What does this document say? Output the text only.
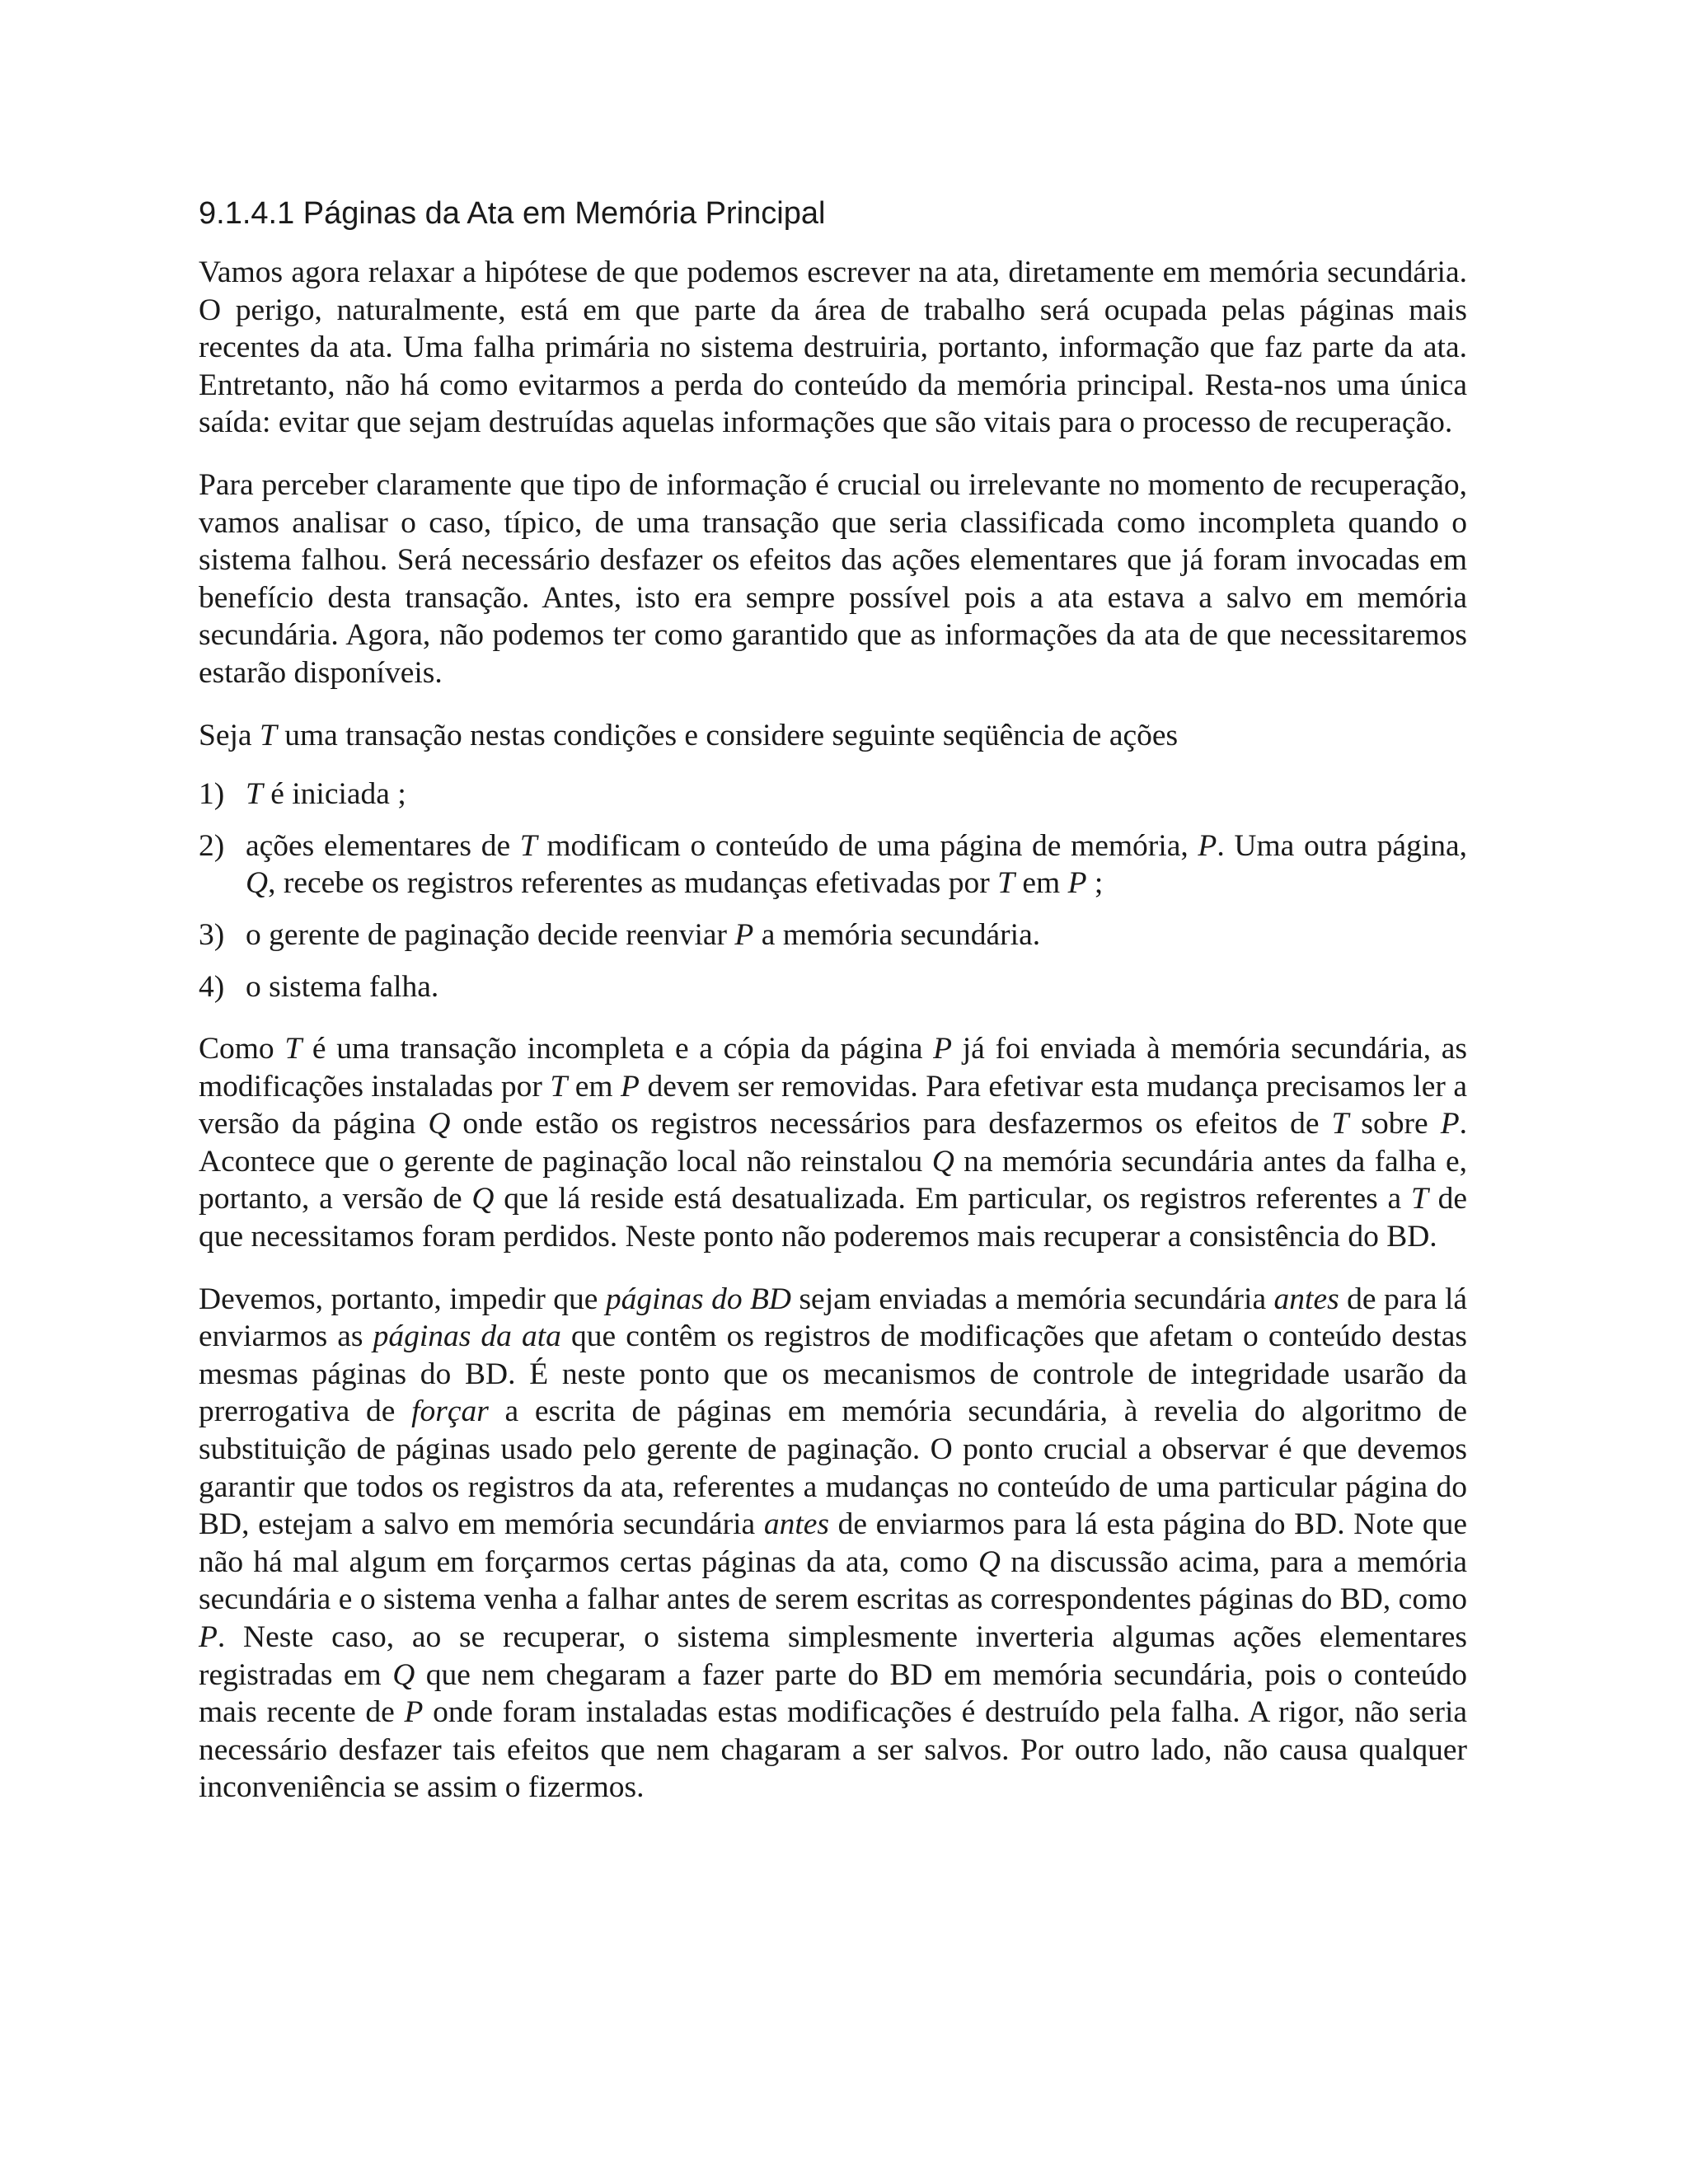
9.1.4.1 Páginas da Ata em Memória Principal

Vamos agora relaxar a hipótese de que podemos escrever na ata, diretamente em memória secundária. O perigo, naturalmente, está em que parte da área de trabalho será ocupada pelas páginas mais recentes da ata. Uma falha primária no sistema destruiria, portanto, informação que faz parte da ata. Entretanto, não há como evitarmos a perda do conteúdo da memória principal. Resta-nos uma única saída: evitar que sejam destruídas aquelas informações que são vitais para o processo de recuperação.

Para perceber claramente que tipo de informação é crucial ou irrelevante no momento de recuperação, vamos analisar o caso, típico, de uma transação que seria classificada como incompleta quando o sistema falhou. Será necessário desfazer os efeitos das ações elementares que já foram invocadas em benefício desta transação. Antes, isto era sempre possível pois a ata estava a salvo em memória secundária. Agora, não podemos ter como garantido que as informações da ata de que necessitaremos estarão disponíveis.

Seja T uma transação nestas condições e considere seguinte seqüência de ações

1) T é iniciada ;
2) ações elementares de T modificam o conteúdo de uma página de memória, P. Uma outra página, Q, recebe os registros referentes as mudanças efetivadas por T em P ;
3) o gerente de paginação decide reenviar P a memória secundária.
4) o sistema falha.

Como T é uma transação incompleta e a cópia da página P já foi enviada à memória secundária, as modificações instaladas por T em P devem ser removidas. Para efetivar esta mudança precisamos ler a versão da página Q onde estão os registros necessários para desfazermos os efeitos de T sobre P. Acontece que o gerente de paginação local não reinstalou Q na memória secundária antes da falha e, portanto, a versão de Q que lá reside está desatualizada. Em particular, os registros referentes a T de que necessitamos foram perdidos. Neste ponto não poderemos mais recuperar a consistência do BD.

Devemos, portanto, impedir que páginas do BD sejam enviadas a memória secundária antes de para lá enviarmos as páginas da ata que contêm os registros de modificações que afetam o conteúdo destas mesmas páginas do BD. É neste ponto que os mecanismos de controle de integridade usarão da prerrogativa de forçar a escrita de páginas em memória secundária, à revelia do algoritmo de substituição de páginas usado pelo gerente de paginação. O ponto crucial a observar é que devemos garantir que todos os registros da ata, referentes a mudanças no conteúdo de uma particular página do BD, estejam a salvo em memória secundária antes de enviarmos para lá esta página do BD. Note que não há mal algum em forçarmos certas páginas da ata, como Q na discussão acima, para a memória secundária e o sistema venha a falhar antes de serem escritas as correspondentes páginas do BD, como P. Neste caso, ao se recuperar, o sistema simplesmente inverteria algumas ações elementares registradas em Q que nem chegaram a fazer parte do BD em memória secundária, pois o conteúdo mais recente de P onde foram instaladas estas modificações é destruído pela falha. A rigor, não seria necessário desfazer tais efeitos que nem chagaram a ser salvos. Por outro lado, não causa qualquer inconveniência se assim o fizermos.
